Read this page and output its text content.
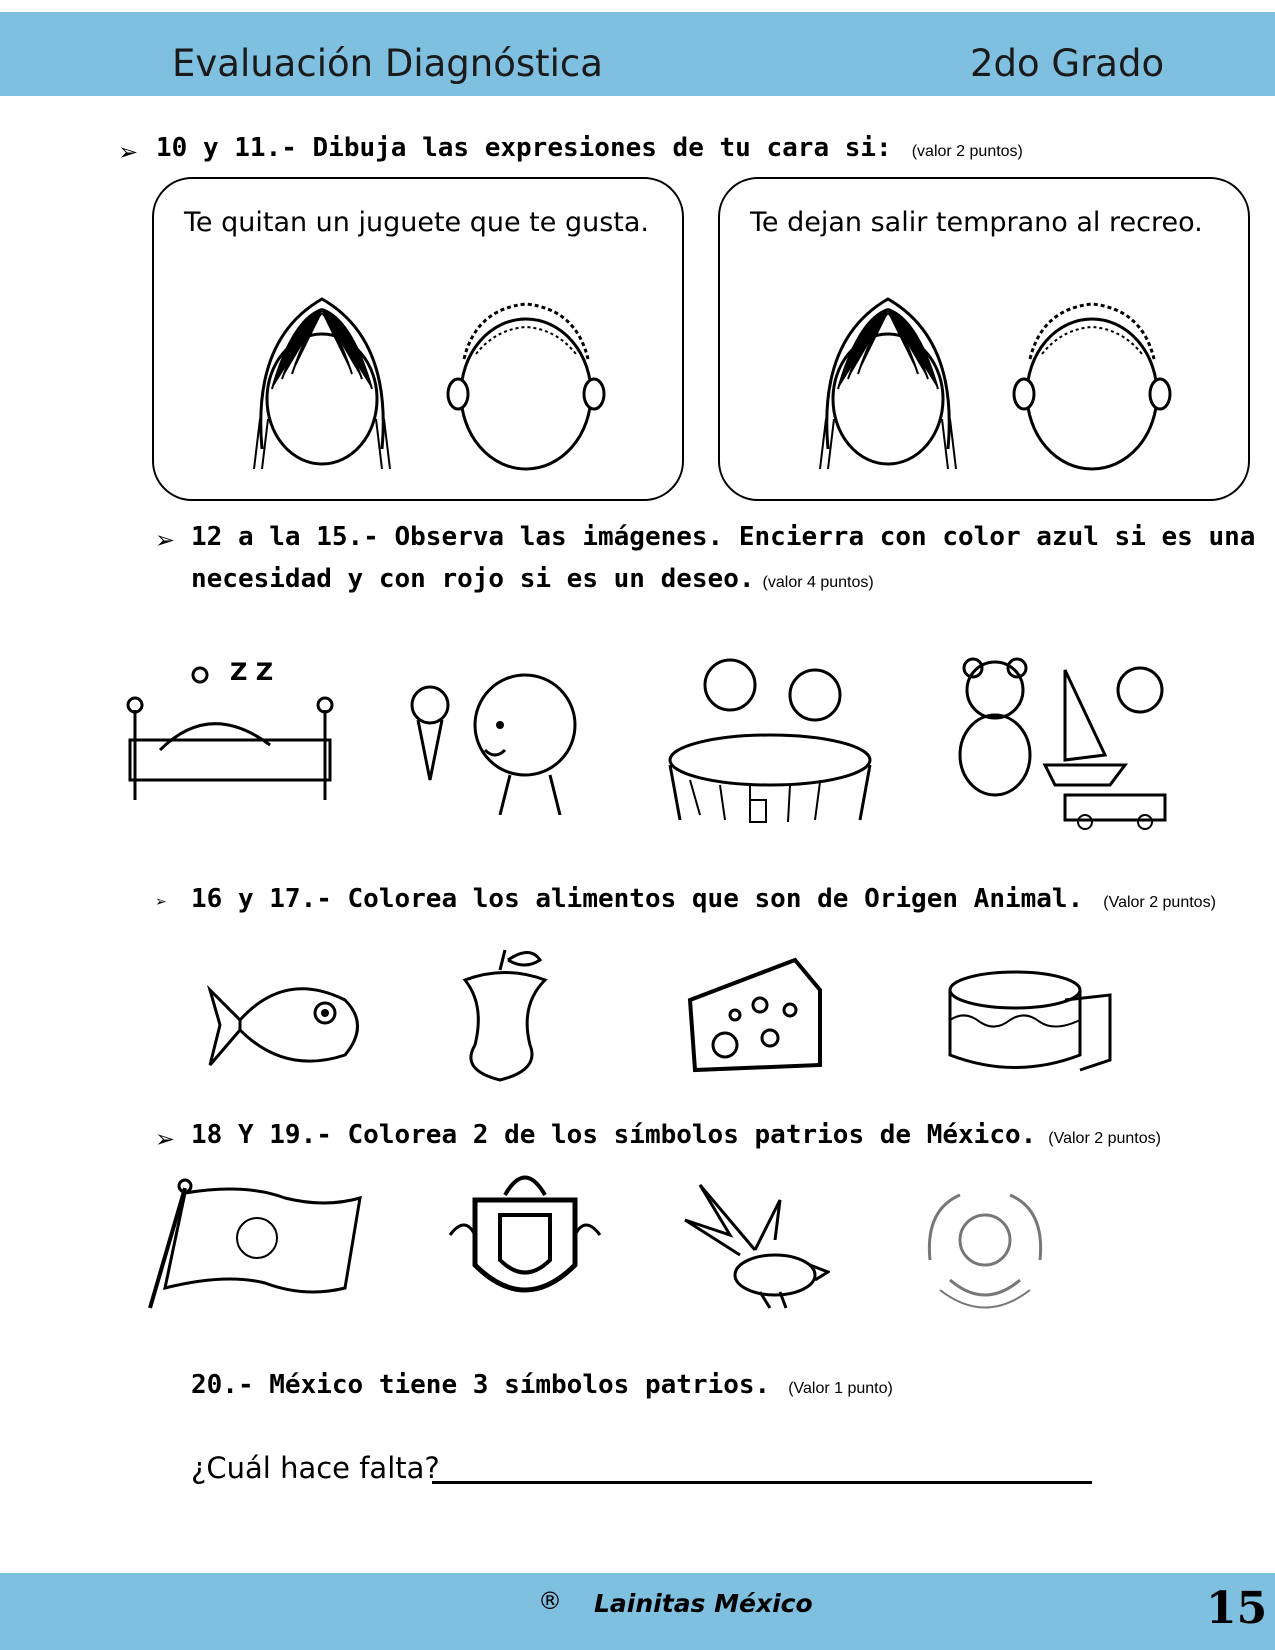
Evaluación Diagnóstica	2do Grado
➢ 10 y 11.- Dibuja las expresiones de tu cara si: (valor 2 puntos)
Te quitan un juguete que te gusta.	Te dejan salir temprano al recreo.
➢ 12 a la 15.- Observa las imágenes. Encierra con color azul si es una
necesidad y con rojo si es un deseo. (valor 4 puntos)
Z Z
➢ 16 y 17.- Colorea los alimentos que son de Origen Animal. (Valor 2 puntos)
➢ 18 Y 19.- Colorea 2 de los símbolos patrios de México. (Valor 2 puntos)
20.- México tiene 3 símbolos patrios. (Valor 1 punto)
¿Cuál hace falta?
® Lainitas México	15
